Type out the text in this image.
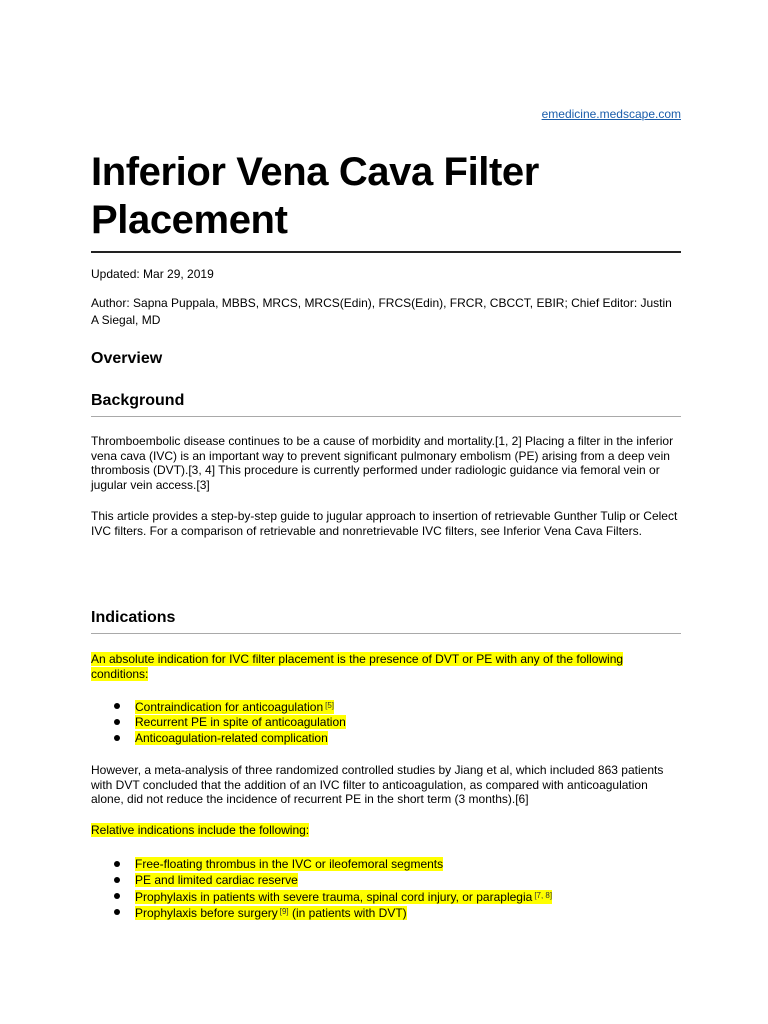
emedicine.medscape.com
Inferior Vena Cava Filter Placement

Updated: Mar 29, 2019

Author: Sapna Puppala, MBBS, MRCS, MRCS(Edin), FRCS(Edin), FRCR, CBCCT, EBIR; Chief Editor: Justin A Siegal, MD

Overview
Background

Thromboembolic disease continues to be a cause of morbidity and mortality.[1, 2] Placing a filter in the inferior vena cava (IVC) is an important way to prevent significant pulmonary embolism (PE) arising from a deep vein thrombosis (DVT).[3, 4] This procedure is currently performed under radiologic guidance via femoral vein or jugular vein access.[3]

This article provides a step-by-step guide to jugular approach to insertion of retrievable Gunther Tulip or Celect IVC filters. For a comparison of retrievable and nonretrievable IVC filters, see Inferior Vena Cava Filters.

Indications

An absolute indication for IVC filter placement is the presence of DVT or PE with any of the following conditions:

Contraindication for anticoagulation [5]
Recurrent PE in spite of anticoagulation
Anticoagulation-related complication

However, a meta-analysis of three randomized controlled studies by Jiang et al, which included 863 patients with DVT concluded that the addition of an IVC filter to anticoagulation, as compared with anticoagulation alone, did not reduce the incidence of recurrent PE in the short term (3 months).[6]

Relative indications include the following:

Free-floating thrombus in the IVC or ileofemoral segments
PE and limited cardiac reserve
Prophylaxis in patients with severe trauma, spinal cord injury, or paraplegia [7, 8]
Prophylaxis before surgery [9] (in patients with DVT)
